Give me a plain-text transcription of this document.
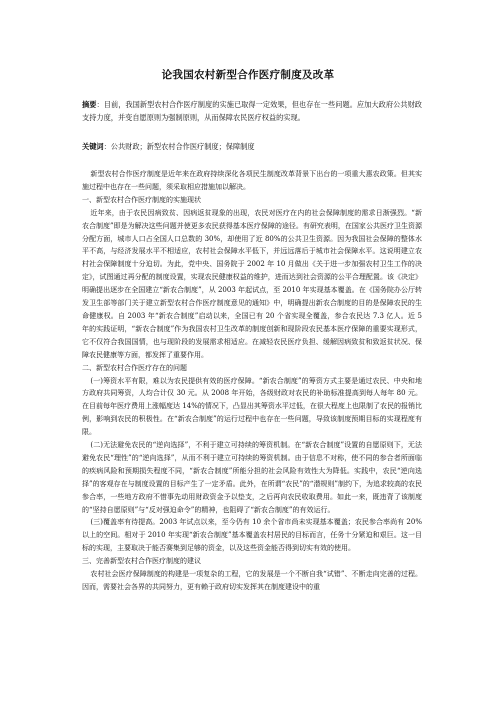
论我国农村新型合作医疗制度及改革

摘要：目前，我国新型农村合作医疗制度的实施已取得一定效果，但也存在一些问题。应加大政府公共财政支持力度，并变自愿原则为强制原则，从而保障农民医疗权益的实现。

关键词：公共财政；新型农村合作医疗制度；保障制度

新型农村合作医疗制度是近年来在政府持续深化各项民生制度改革背景下出台的一项重大惠农政策。但其实施过程中也存在一些问题，须采取相应措施加以解决。

一、新型农村合作医疗制度的实施现状

近年来，由于农民因病致贫、因病返贫现象的出现，农民对医疗在内的社会保障制度的需求日渐强烈。“新农合制度”即是为解决这些问题并使更多农民获得基本医疗保障的途径。有研究表明，在国家公共医疗卫生资源分配方面，城市人口占全国人口总数的 30%，却使用了近 80%的公共卫生资源。因为我国社会保障的整体水平不高，与经济发展水平不相适应，农村社会保障水平低下，并远远落后于城市社会保障水平。这说明建立农村社会保障制度十分迫切。为此，党中央、国务院于 2002 年 10 月做出《关于进一步加强农村卫生工作的决定》，试图通过再分配的制度设置，实现农民健康权益的维护，进而达到社会资源的公平合理配置。该《决定》明确提出逐步在全国建立“新农合制度”，从 2003 年起试点，至 2010 年实现基本覆盖。在《国务院办公厅转发卫生部等部门关于建立新型农村合作医疗制度意见的通知》中，明确提出新农合制度的目的是保障农民的生命健康权。自 2003 年“新农合制度”启动以来，全国已有 20 个省实现全覆盖，参合农民达 7.3 亿人。近 5 年的实践证明，“新农合制度”作为我国农村卫生改革的制度创新和现阶段农民基本医疗保障的重要实现形式，它不仅符合我国国情，也与现阶段的发展需求相适应。在减轻农民医疗负担、缓解因病致贫和致返贫状况、保障农民健康等方面，都发挥了重要作用。

二、新型农村合作医疗存在的问题

(一)筹资水平有限，难以为农民提供有效的医疗保障。“新农合制度”的筹资方式主要是通过农民、中央和地方政府共同筹资，人均合计仅 30 元。从 2008 年开始，各级财政对农民的补助标准提高到每人每年 80 元。在目前每年医疗费用上涨幅度达 14%的情况下，凸显出其筹资水平过低，在很大程度上也限制了农民的报销比例，影响到农民的积极性。在“新农合制度”的运行过程中也存在一些问题，导致该制度预期目标的实现程度有限。

(二)无法避免农民的“逆向选择”，不利于建立可持续的筹资机制。在“新农合制度”设置的自愿原则下，无法避免农民“理性”的“逆向选择”，从而不利于建立可持续的筹资机制。由于信息不对称，使不同的参合者所面临的疾病风险和预期损失程度不同，“新农合制度”所能分担的社会风险有效性大为降低。实践中，农民“逆向选择”的客观存在与制度设置的目标产生了一定矛盾。此外，在所谓“农民”的“潜规则”制约下，为追求较高的农民参合率，一些地方政府不惜事先动用财政资金予以垫支，之后再向农民收取费用。如此一来，既违背了该制度的“坚持自愿原则”与“反对强迫命令”的精神，也阻碍了“新农合制度”的有效运行。

(三)覆盖率有待提高。2003 年试点以来，至今仍有 10 余个省市尚未实现基本覆盖；农民参合率尚有 20%以上的空间。相对于 2010 年实现“新农合制度”基本覆盖农村居民的目标而言，任务十分紧迫和艰巨。这一目标的实现，主要取决于能否赛集到足够的资金，以及这些资金能否得到切实有效的使用。

三、完善新型农村合作医疗制度的建议

农村社会医疗保障制度的构建是一项复杂的工程，它的发展是一个不断自我“试错”、不断走向完善的过程。因而，需要社会各界的共同努力，更有赖于政府切实发挥其在制度建设中的重
